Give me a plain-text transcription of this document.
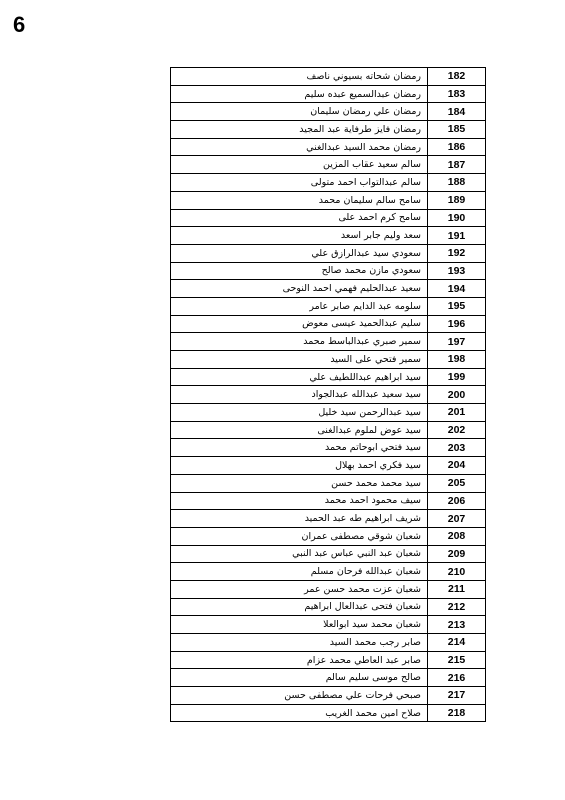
6
رمضان شحاته بسيوني ناصف	182
رمضان عبدالسميع عبده سليم	183
رمضان علي رمضان سليمان	184
رمضان فايز طرفاية عبد المجيد	185
رمضان محمد السيد عبدالغني	186
سالم سعيد عقاب المزين	187
سالم عبدالتواب احمد متولى	188
سامح سالم سليمان محمد	189
سامح كرم احمد على	190
سعد وليم جابر اسعد	191
سعودي سيد عبدالرازق علي	192
سعودي مازن محمد صالح	193
سعيد عبدالحليم فهمي احمد النوحى	194
سلومه عبد الدايم صابر عامر	195
سليم عبدالحميد عيسى معوض	196
سمير صبري عبدالباسط محمد	197
سمير فتحي على السيد	198
سيد ابراهيم عبداللطيف علي	199
سيد سعيد عبدالله عبدالجواد	200
سيد عبدالرحمن سيد خليل	201
سيد عوض لملوم عبدالغنى	202
سيد فتحي ابوحاتم محمد	203
سيد فكري احمد بهلال	204
سيد محمد محمد حسن	205
سيف محمود احمد محمد	206
شريف ابراهيم طه عبد الحميد	207
شعبان شوقي مصطفى عمران	208
شعبان عبد النبي عباس عبد النبي	209
شعبان عبدالله فرحان مسلم	210
شعبان عزت محمد حسن عمر	211
شعبان فتحى عبدالعال ابراهيم	212
شعبان محمد سيد ابوالعلا	213
صابر رجب محمد السيد	214
صابر عبد العاطي محمد عزام	215
صالح موسى سليم سالم	216
صبحي فرحات علي مصطفى حسن	217
صلاح امين محمد الغريب	218
